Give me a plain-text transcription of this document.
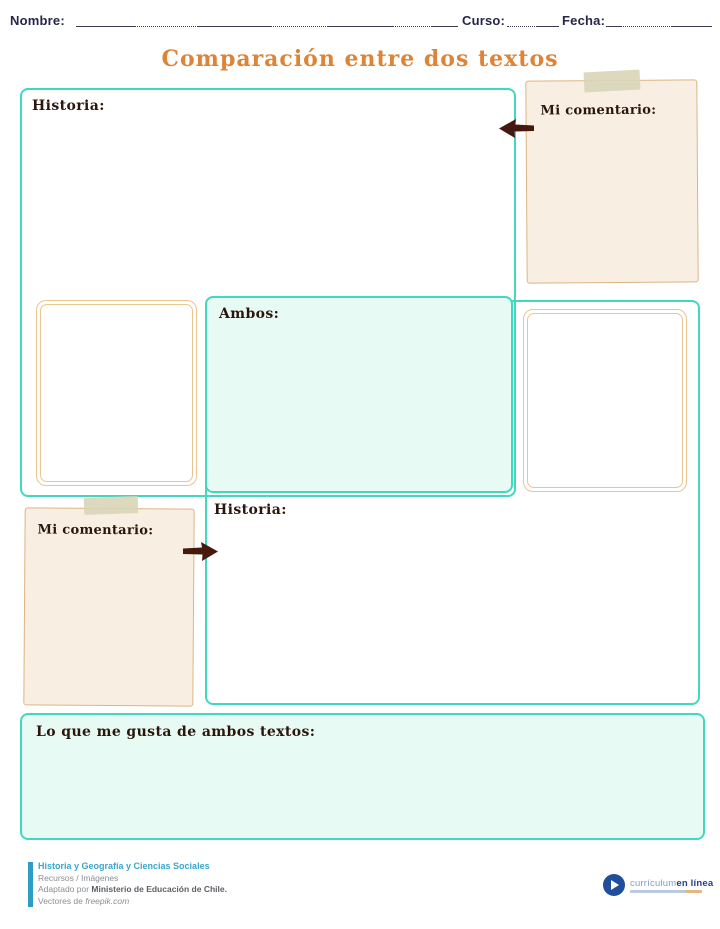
Nombre:	Curso:	Fecha:
Comparación entre dos textos
Historia:
Ambos:
Historia:
Mi comentario:
Mi comentario:
Lo que me gusta de ambos textos:
Historia y Geografía y Ciencias Sociales
Recursos / Imágenes
Adaptado por Ministerio de Educación de Chile.
Vectores de freepik.com
currículumen línea
